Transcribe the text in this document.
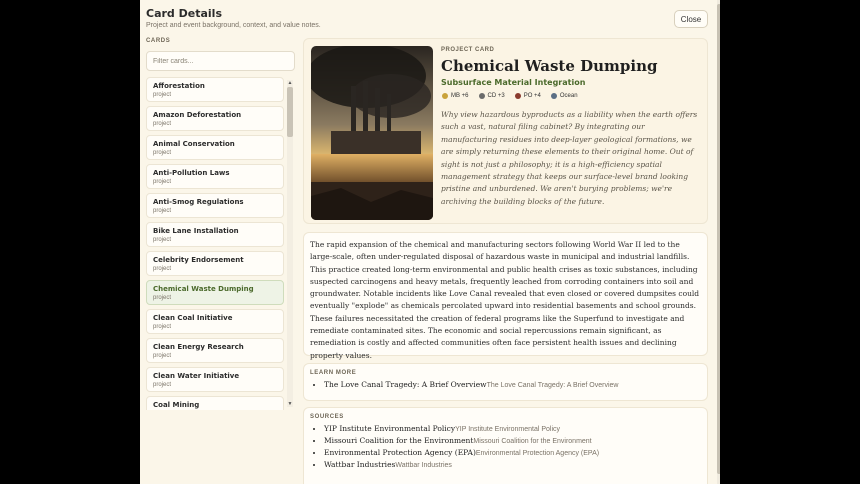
Card Details
Project and event background, context, and value notes.
Close
CARDS
Filter cards...
Afforestation
project
Amazon Deforestation
project
Animal Conservation
project
Anti-Pollution Laws
project
Anti-Smog Regulations
project
Bike Lane Installation
project
Celebrity Endorsement
project
Chemical Waste Dumping
project
Clean Coal Initiative
project
Clean Energy Research
project
Clean Water Initiative
project
Coal Mining
▲
▼
PROJECT CARD
Chemical Waste Dumping
Subsurface Material Integration
MB +6	CD +3	PO +4	Ocean
Why view hazardous byproducts as a liability when the earth offers such a vast, natural filing cabinet? By integrating our manufacturing residues into deep-layer geological formations, we are simply returning these elements to their original home. Out of sight is not just a philosophy; it is a high-efficiency spatial management strategy that keeps our surface-level brand looking pristine and unburdened. We aren't burying problems; we're archiving the building blocks of the future.
The rapid expansion of the chemical and manufacturing sectors following World War II led to the large-scale, often under-regulated disposal of hazardous waste in municipal and industrial landfills. This practice created long-term environmental and public health crises as toxic substances, including suspected carcinogens and heavy metals, frequently leached from corroding containers into soil and groundwater. Notable incidents like Love Canal revealed that even closed or covered dumpsites could eventually "explode" as chemicals percolated upward into residential basements and school grounds. These failures necessitated the creation of federal programs like the Superfund to investigate and remediate contaminated sites. The economic and social repercussions remain significant, as remediation is costly and affected communities often face persistent health issues and declining property values.
LEARN MORE
• The Love Canal Tragedy: A Brief OverviewThe Love Canal Tragedy: A Brief Overview
SOURCES
• YIP Institute Environmental PolicyYIP Institute Environmental Policy
• Missouri Coalition for the EnvironmentMissouri Coalition for the Environment
• Environmental Protection Agency (EPA)Environmental Protection Agency (EPA)
• Wattbar IndustriesWattbar Industries
